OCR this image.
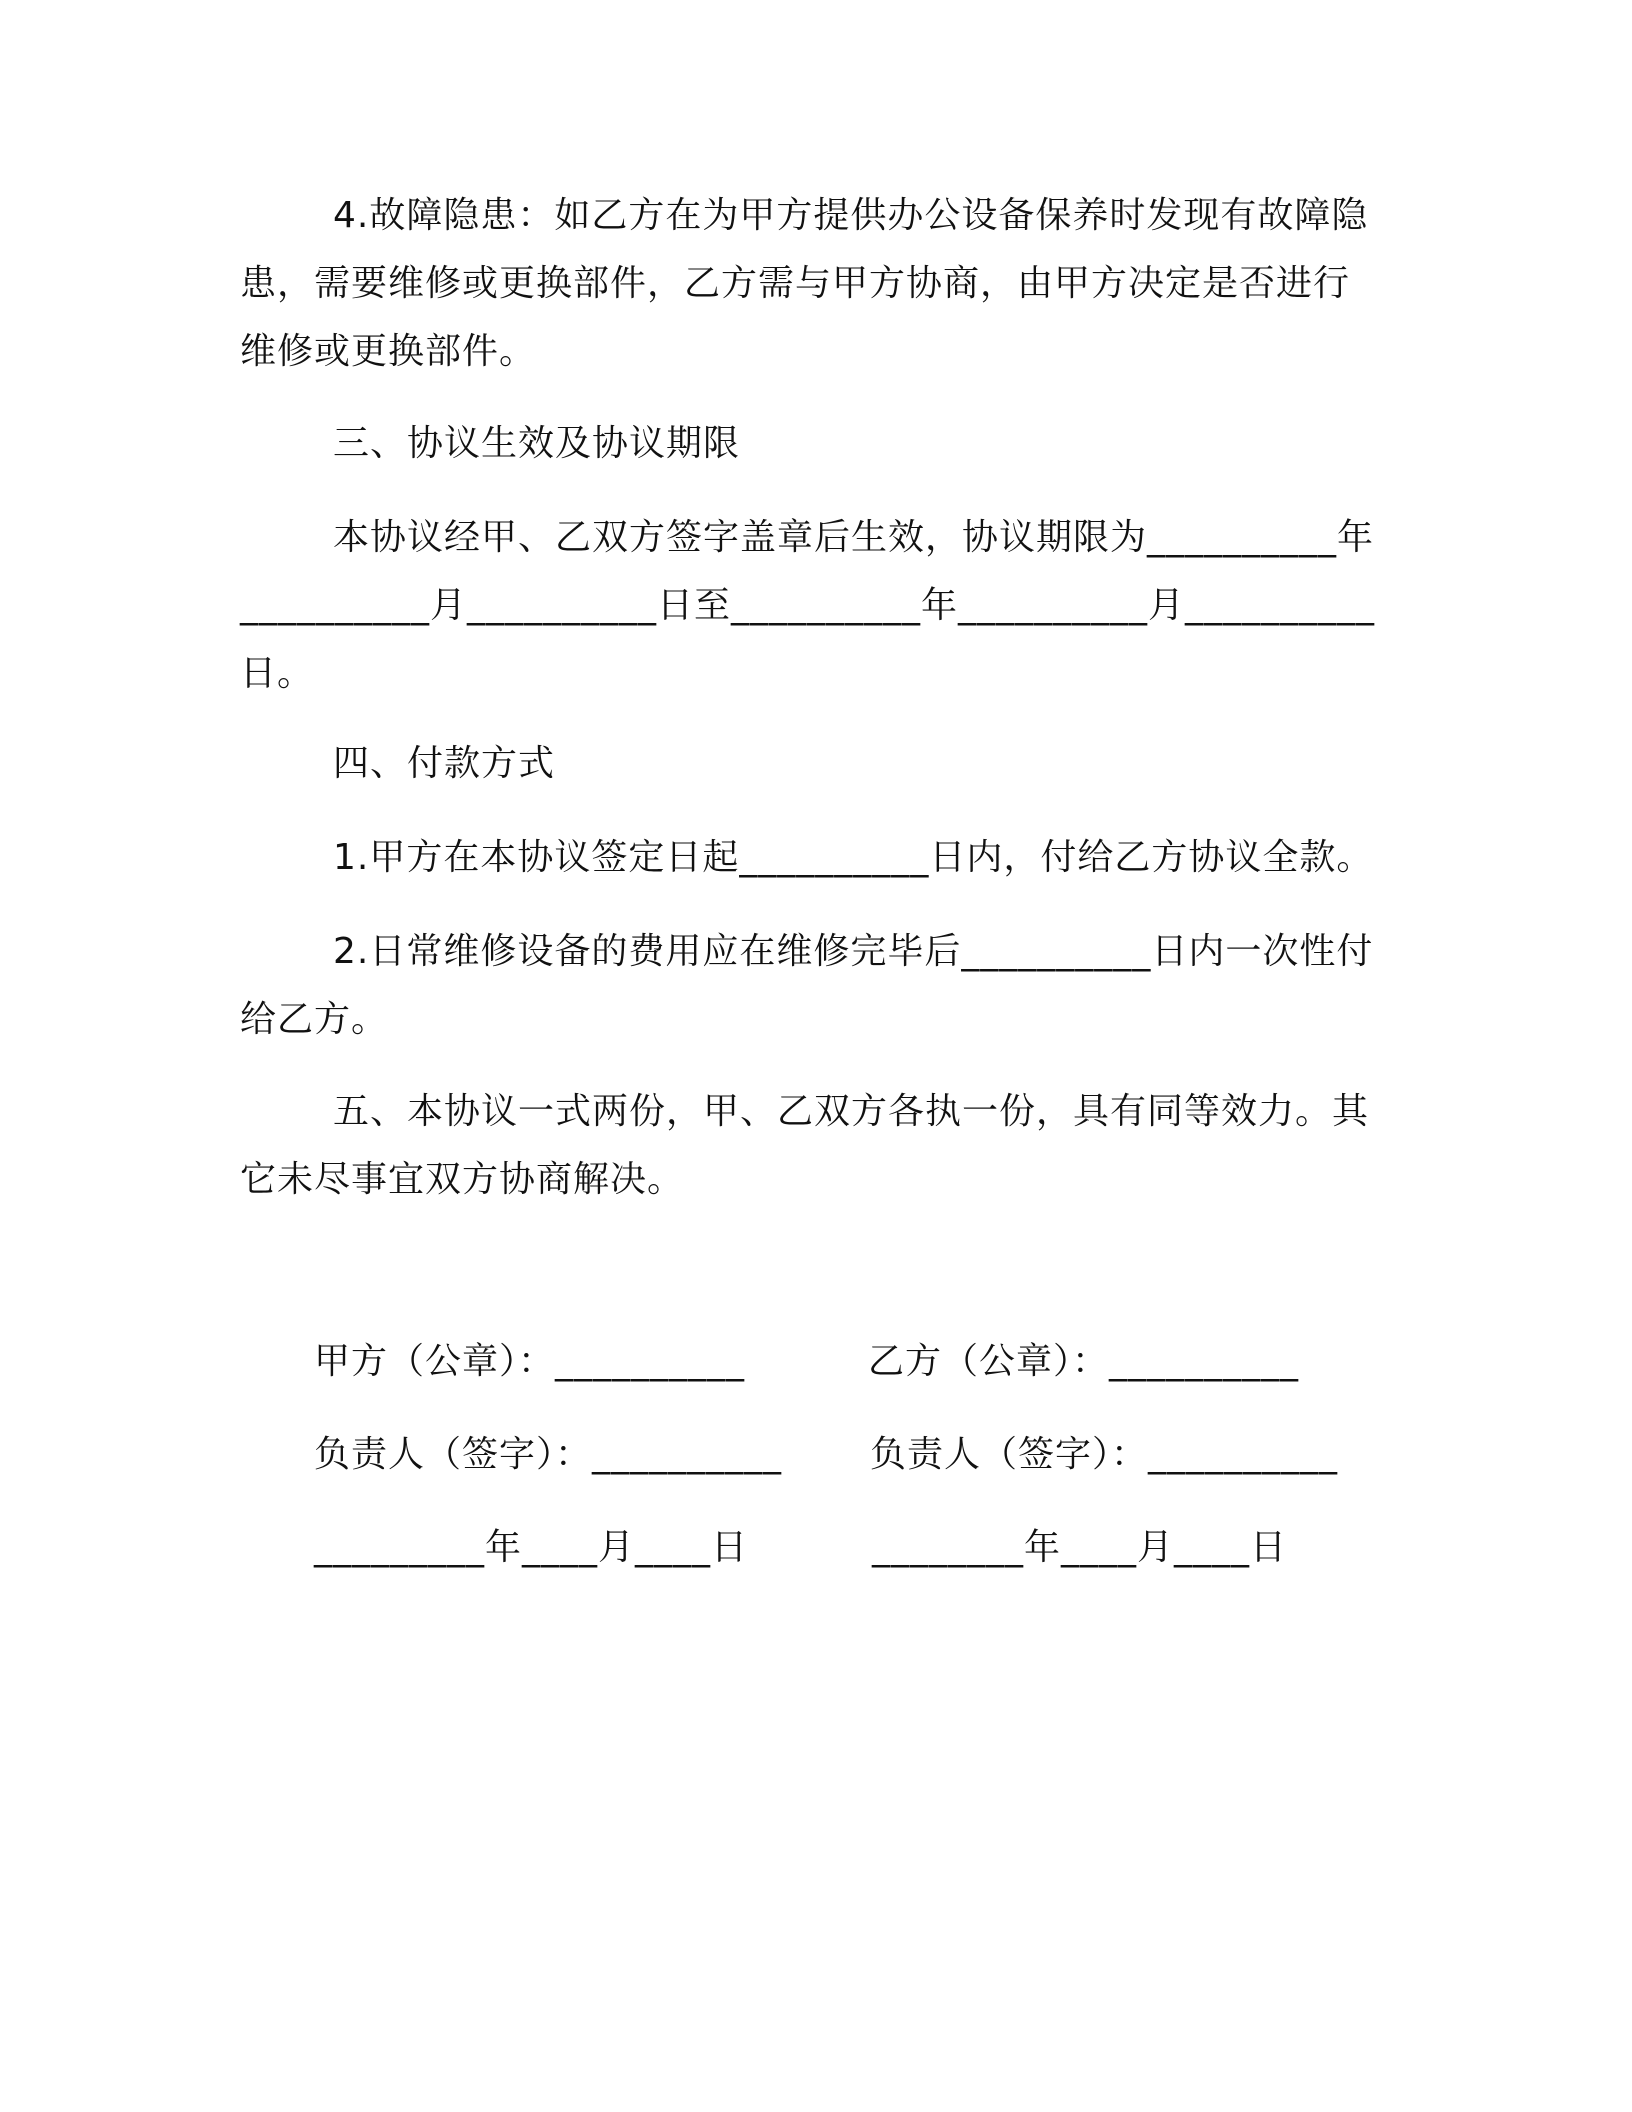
4.故障隐患：如乙方在为甲方提供办公设备保养时发现有故障隐
患，需要维修或更换部件，乙方需与甲方协商，由甲方决定是否进行
维修或更换部件。
三、协议生效及协议期限
本协议经甲、乙双方签字盖章后生效，协议期限为__________年
__________月__________日至__________年__________月__________
日。
四、付款方式
1.甲方在本协议签定日起__________日内，付给乙方协议全款。
2.日常维修设备的费用应在维修完毕后__________日内一次性付
给乙方。
五、本协议一式两份，甲、乙双方各执一份，具有同等效力。其
它未尽事宜双方协商解决。
甲方（公章）：__________	乙方（公章）：__________
负责人（签字）：__________ 负责人（签字）：__________
_________年____月____日	________年____月____日
